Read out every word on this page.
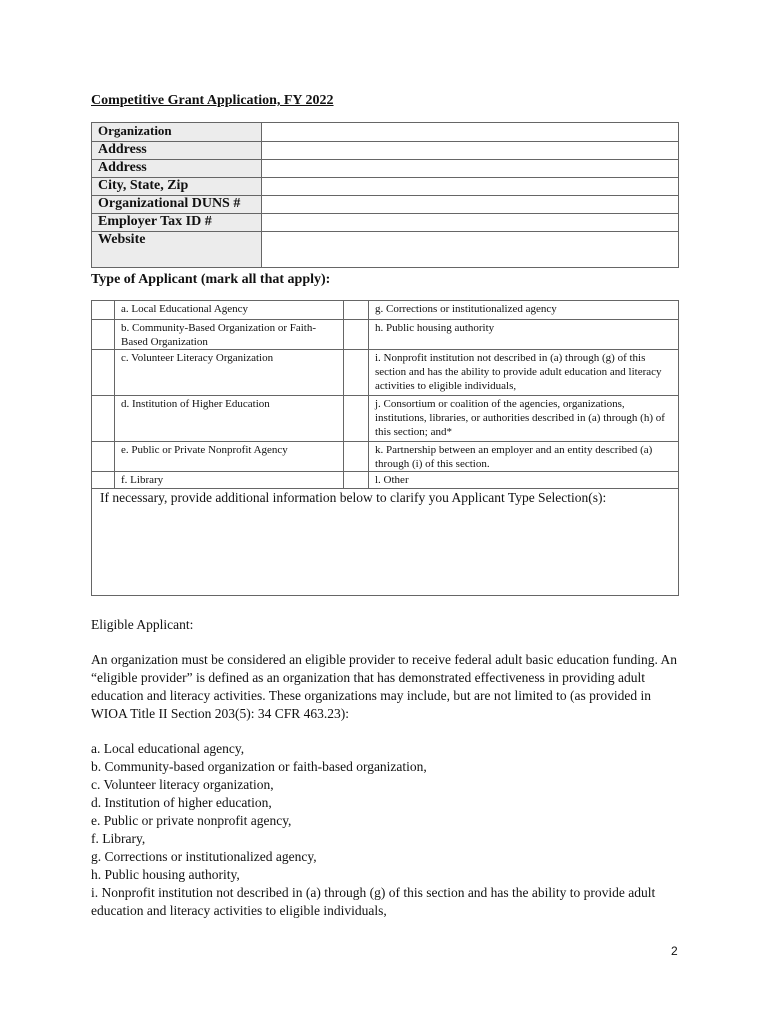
Competitive Grant Application, FY 2022
Organization	
Address	
Address	
City, State, Zip	
Organizational DUNS #	
Employer Tax ID #	
Website	
Type of Applicant (mark all that apply):
	a. Local Educational Agency		g. Corrections or institutionalized agency

	b. Community-Based Organization or Faith-Based Organization		h. Public housing authority

	c. Volunteer Literacy Organization		i. Nonprofit institution not described in (a) through (g) of this section and has the ability to provide adult education and literacy activities to eligible individuals,

	d. Institution of Higher Education		j. Consortium or coalition of the agencies, organizations, institutions, libraries, or authorities described in (a) through (h) of this section; and*

	e. Public or Private Nonprofit Agency		k. Partnership between an employer and an entity described (a) through (i) of this section.

	f. Library		l. Other
If necessary, provide additional information below to clarify you Applicant Type Selection(s):
Eligible Applicant:
An organization must be considered an eligible provider to receive federal adult basic education funding. An “eligible provider” is defined as an organization that has demonstrated effectiveness in providing adult education and literacy activities. These organizations may include, but are not limited to (as provided in WIOA Title II Section 203(5): 34 CFR 463.23):
a. Local educational agency,
b. Community-based organization or faith-based organization,
c. Volunteer literacy organization,
d. Institution of higher education,
e. Public or private nonprofit agency,
f. Library,
g. Corrections or institutionalized agency,
h. Public housing authority,
i. Nonprofit institution not described in (a) through (g) of this section and has the ability to provide adult education and literacy activities to eligible individuals,
2
